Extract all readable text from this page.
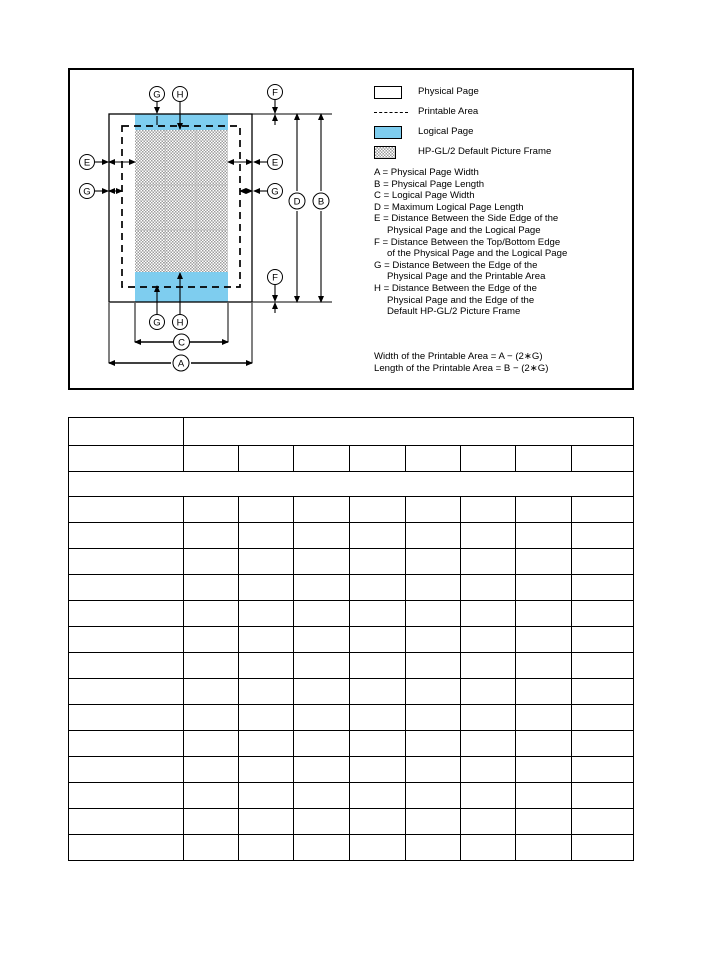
G H
G H
E
G
E
G
F
F
D B
C
A
Physical Page
Printable Area
Logical Page
HP-GL/2 Default Picture Frame
A = Physical Page Width
B = Physical Page Length
C = Logical Page Width
D = Maximum Logical Page Length
E = Distance Between the Side Edge of the
Physical Page and the Logical Page
F = Distance Between the Top/Bottom Edge
of the Physical Page and the Logical Page
G = Distance Between the Edge of the
Physical Page and the Printable Area
H = Distance Between the Edge of the
Physical Page and the Edge of the
Default HP-GL/2 Picture Frame
Width of the Printable Area = A − (2∗G)
Length of the Printable Area = B − (2∗G)
